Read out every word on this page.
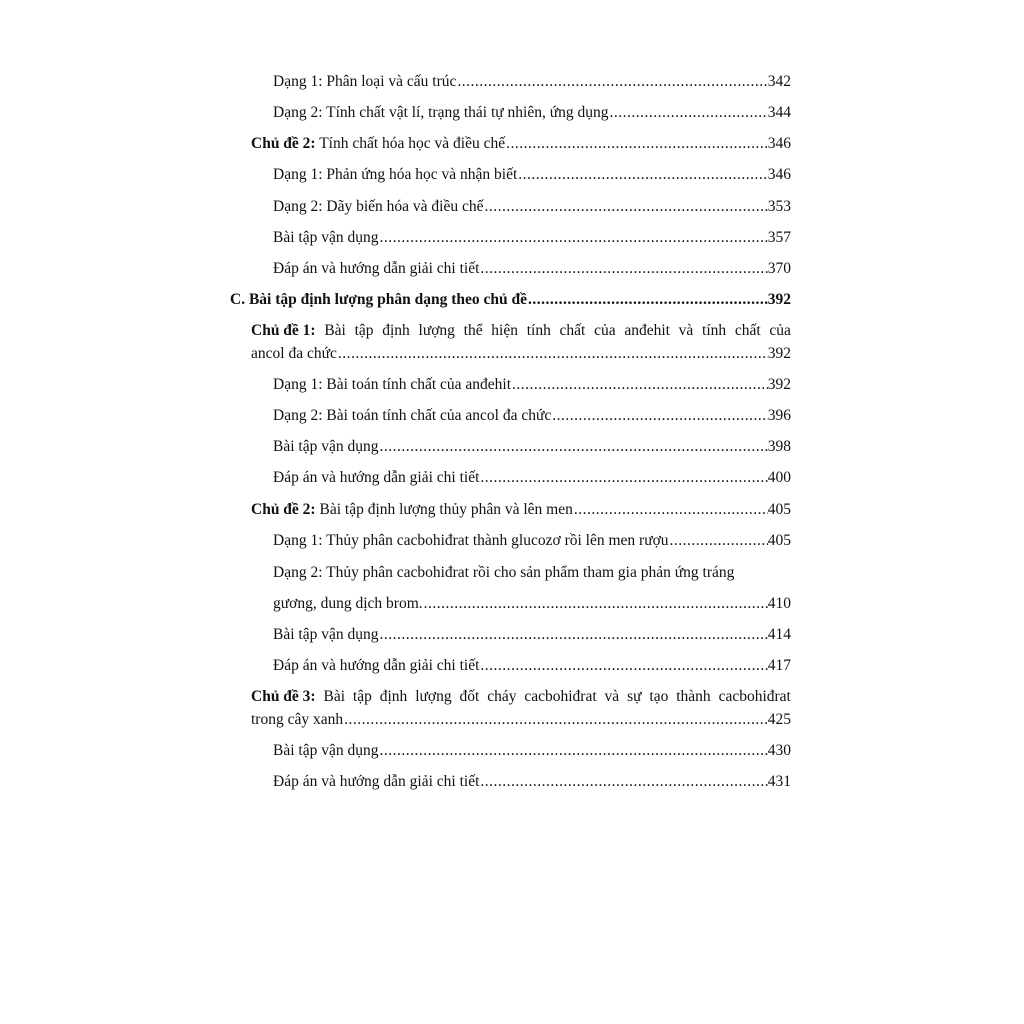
Dạng 1: Phân loại và cấu trúc .....	342
Dạng 2: Tính chất vật lí, trạng thái tự nhiên, ứng dụng .....	344
Chủ đề 2: Tính chất hóa học và điều chế .....	346
Dạng 1: Phản ứng hóa học và nhận biết .....	346
Dạng 2: Dãy biến hóa và điều chế .....	353
Bài tập vận dụng .....	357
Đáp án và hướng dẫn giải chi tiết .....	370
C. Bài tập định lượng phân dạng theo chủ đề .....	392
Chủ đề 1: Bài tập định lượng thể hiện tính chất của anđehit và tính chất của
ancol đa chức .....	392
Dạng 1: Bài toán tính chất của anđehit .....	392
Dạng 2: Bài toán tính chất của ancol đa chức .....	396
Bài tập vận dụng .....	398
Đáp án và hướng dẫn giải chi tiết .....	400
Chủ đề 2: Bài tập định lượng thủy phân và lên men .....	405
Dạng 1: Thủy phân cacbohiđrat thành glucozơ rồi lên men rượu .....	405
Dạng 2: Thủy phân cacbohiđrat rồi cho sản phẩm tham gia phản ứng tráng
gương, dung dịch brom. .....	410
Bài tập vận dụng .....	414
Đáp án và hướng dẫn giải chi tiết .....	417
Chủ đề 3: Bài tập định lượng đốt cháy cacbohiđrat và sự tạo thành cacbohiđrat
trong cây xanh .....	425
Bài tập vận dụng .....	430
Đáp án và hướng dẫn giải chi tiết .....	431
